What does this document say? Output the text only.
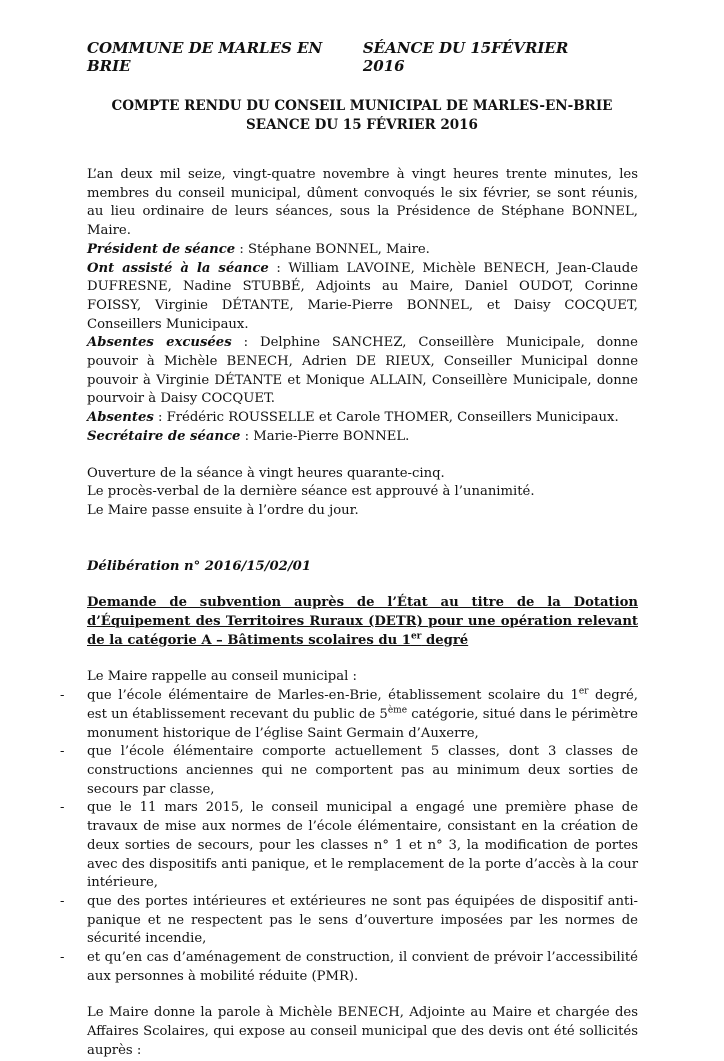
COMMUNE DE MARLES EN BRIE
SÉANCE DU 15FÉVRIER 2016
COMPTE RENDU DU CONSEIL MUNICIPAL DE MARLES-EN-BRIE
SEANCE DU 15 FÉVRIER 2016

L’an deux mil seize, vingt-quatre novembre à vingt heures trente minutes, les membres du conseil municipal, dûment convoqués le six février, se sont réunis, au lieu ordinaire de leurs séances, sous la Présidence de Stéphane BONNEL, Maire.

Président de séance : Stéphane BONNEL, Maire.

Ont assisté à la séance : William LAVOINE, Michèle BENECH, Jean-Claude DUFRESNE, Nadine STUBBÉ, Adjoints au Maire, Daniel OUDOT, Corinne FOISSY, Virginie DÉTANTE, Marie-Pierre BONNEL, et Daisy COCQUET, Conseillers Municipaux.

Absentes excusées : Delphine SANCHEZ, Conseillère Municipale, donne pouvoir à Michèle BENECH, Adrien DE RIEUX, Conseiller Municipal donne pouvoir à Virginie DÉTANTE et Monique ALLAIN, Conseillère Municipale, donne pourvoir à Daisy COCQUET.

Absentes : Frédéric ROUSSELLE et Carole THOMER, Conseillers Municipaux.

Secrétaire de séance : Marie-Pierre BONNEL.

Ouverture de la séance à vingt heures quarante-cinq.

Le procès-verbal de la dernière séance est approuvé à l’unanimité.

Le Maire passe ensuite à l’ordre du jour.

Délibération n° 2016/15/02/01

Demande de subvention auprès de l’État au titre de la Dotation d’Équipement des Territoires Ruraux (DETR) pour une opération relevant de la catégorie A – Bâtiments scolaires du 1er degré

Le Maire rappelle au conseil municipal :

- que l’école élémentaire de Marles-en-Brie, établissement scolaire du 1er degré, est un établissement recevant du public de 5ème catégorie, situé dans le périmètre monument historique de l’église Saint Germain d’Auxerre,
- que l’école élémentaire comporte actuellement 5 classes, dont 3 classes de constructions anciennes qui ne comportent pas au minimum deux sorties de secours par classe,
- que le 11 mars 2015, le conseil municipal a engagé une première phase de travaux de mise aux normes de l’école élémentaire, consistant en la création de deux sorties de secours, pour les classes n° 1 et n° 3, la modification de portes avec des dispositifs anti panique, et le remplacement de la porte d’accès à la cour intérieure,
- que des portes intérieures et extérieures ne sont pas équipées de dispositif anti-panique et ne respectent pas le sens d’ouverture imposées par les normes de sécurité incendie,
- et qu’en cas d’aménagement de construction, il convient de prévoir l’accessibilité aux personnes à mobilité réduite (PMR).

Le Maire donne la parole à Michèle BENECH, Adjointe au Maire et chargée des Affaires Scolaires, qui expose au conseil municipal que des devis ont été sollicités auprès :
